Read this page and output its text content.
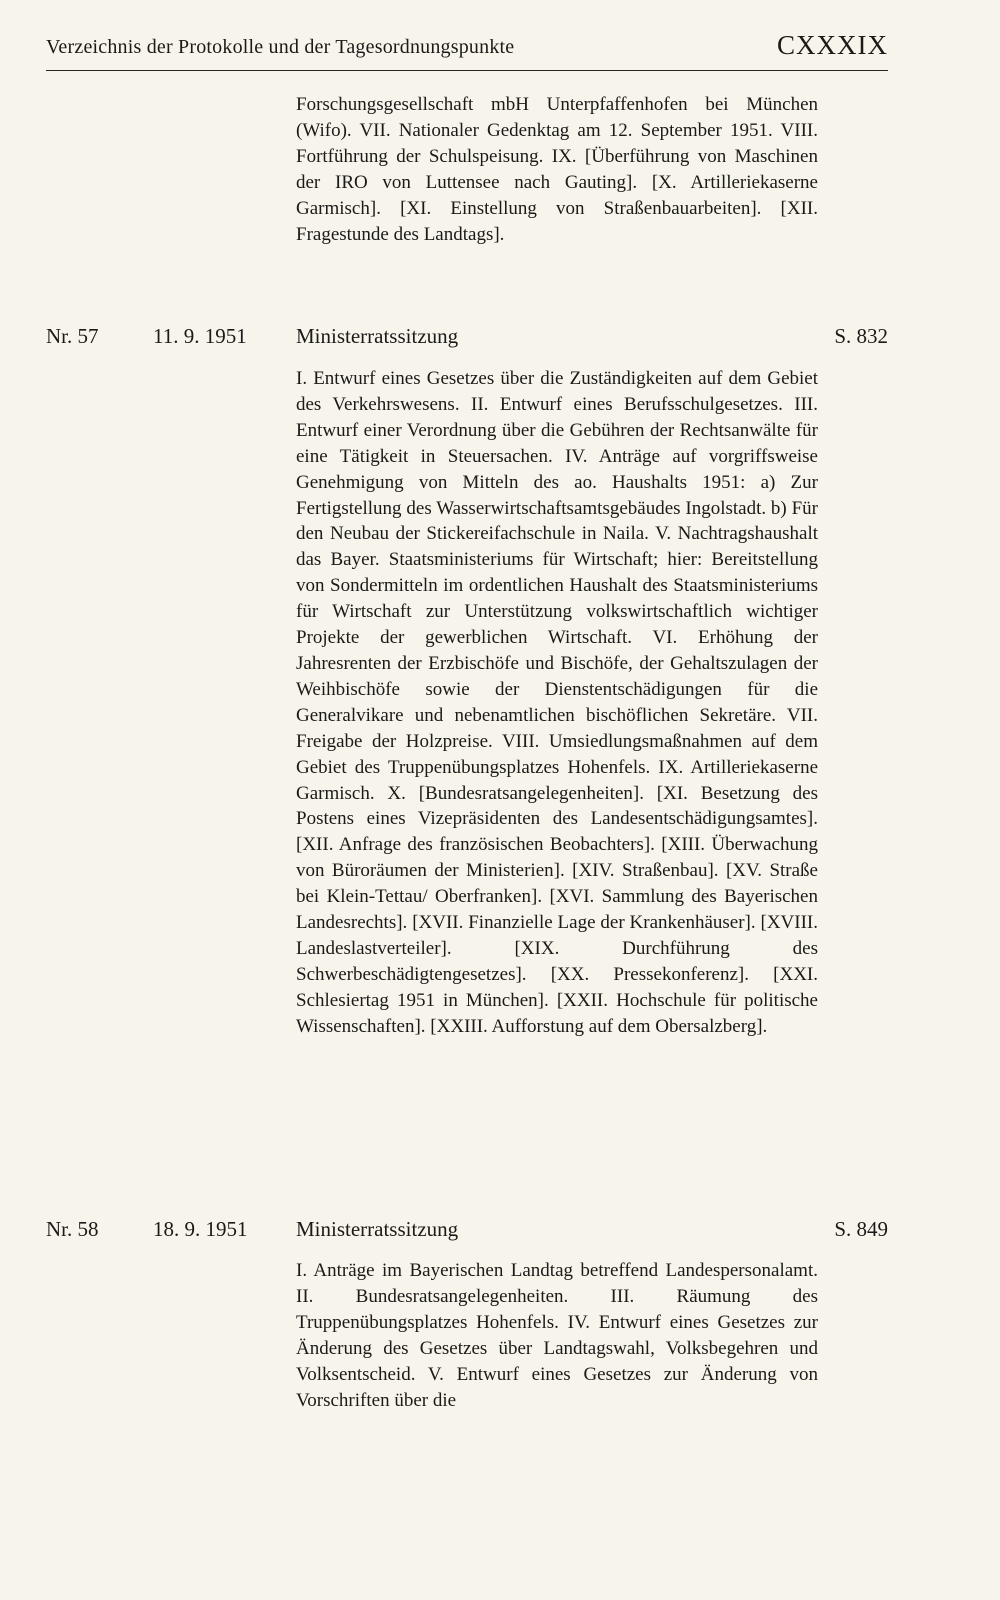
Verzeichnis der Protokolle und der Tagesordnungspunkte	CXXXIX
Forschungsgesellschaft mbH Unterpfaffenhofen bei München (Wifo). VII. Nationaler Gedenktag am 12. September 1951. VIII. Fortführung der Schulspeisung. IX. [Überführung von Maschinen der IRO von Luttensee nach Gauting]. [X. Artilleriekaserne Garmisch]. [XI. Einstellung von Straßenbauarbeiten]. [XII. Fragestunde des Landtags].
Nr. 57	11. 9. 1951 Ministerratssitzung	S. 832
I. Entwurf eines Gesetzes über die Zuständigkeiten auf dem Gebiet des Verkehrswesens. II. Entwurf eines Berufsschulgesetzes. III. Entwurf einer Verordnung über die Gebühren der Rechtsanwälte für eine Tätigkeit in Steuersachen. IV. Anträge auf vorgriffsweise Genehmigung von Mitteln des ao. Haushalts 1951: a) Zur Fertigstellung des Wasserwirtschaftsamtsgebäudes Ingolstadt. b) Für den Neubau der Stickereifachschule in Naila. V. Nachtragshaushalt das Bayer. Staatsministeriums für Wirtschaft; hier: Bereitstellung von Sondermitteln im ordentlichen Haushalt des Staatsministeriums für Wirtschaft zur Unterstützung volkswirtschaftlich wichtiger Projekte der gewerblichen Wirtschaft. VI. Erhöhung der Jahresrenten der Erzbischöfe und Bischöfe, der Gehaltszulagen der Weihbischöfe sowie der Dienstentschädigungen für die Generalvikare und nebenamtlichen bischöflichen Sekretäre. VII. Freigabe der Holzpreise. VIII. Umsiedlungsmaßnahmen auf dem Gebiet des Truppenübungsplatzes Hohenfels. IX. Artilleriekaserne Garmisch. X. [Bundesratsangelegenheiten]. [XI. Besetzung des Postens eines Vizepräsidenten des Landesentschädigungsamtes]. [XII. Anfrage des französischen Beobachters]. [XIII. Überwachung von Büroräumen der Ministerien]. [XIV. Straßenbau]. [XV. Straße bei Klein-Tettau/ Oberfranken]. [XVI. Sammlung des Bayerischen Landesrechts]. [XVII. Finanzielle Lage der Krankenhäuser]. [XVIII. Landeslastverteiler]. [XIX. Durchführung des Schwerbeschädigtengesetzes]. [XX. Pressekonferenz]. [XXI. Schlesiertag 1951 in München]. [XXII. Hochschule für politische Wissenschaften]. [XXIII. Aufforstung auf dem Obersalzberg].
Nr. 58	18. 9. 1951 Ministerratssitzung	S. 849
I. Anträge im Bayerischen Landtag betreffend Landespersonalamt. II. Bundesratsangelegenheiten. III. Räumung des Truppenübungsplatzes Hohenfels. IV. Entwurf eines Gesetzes zur Änderung des Gesetzes über Landtagswahl, Volksbegehren und Volksentscheid. V. Entwurf eines Gesetzes zur Änderung von Vorschriften über die
